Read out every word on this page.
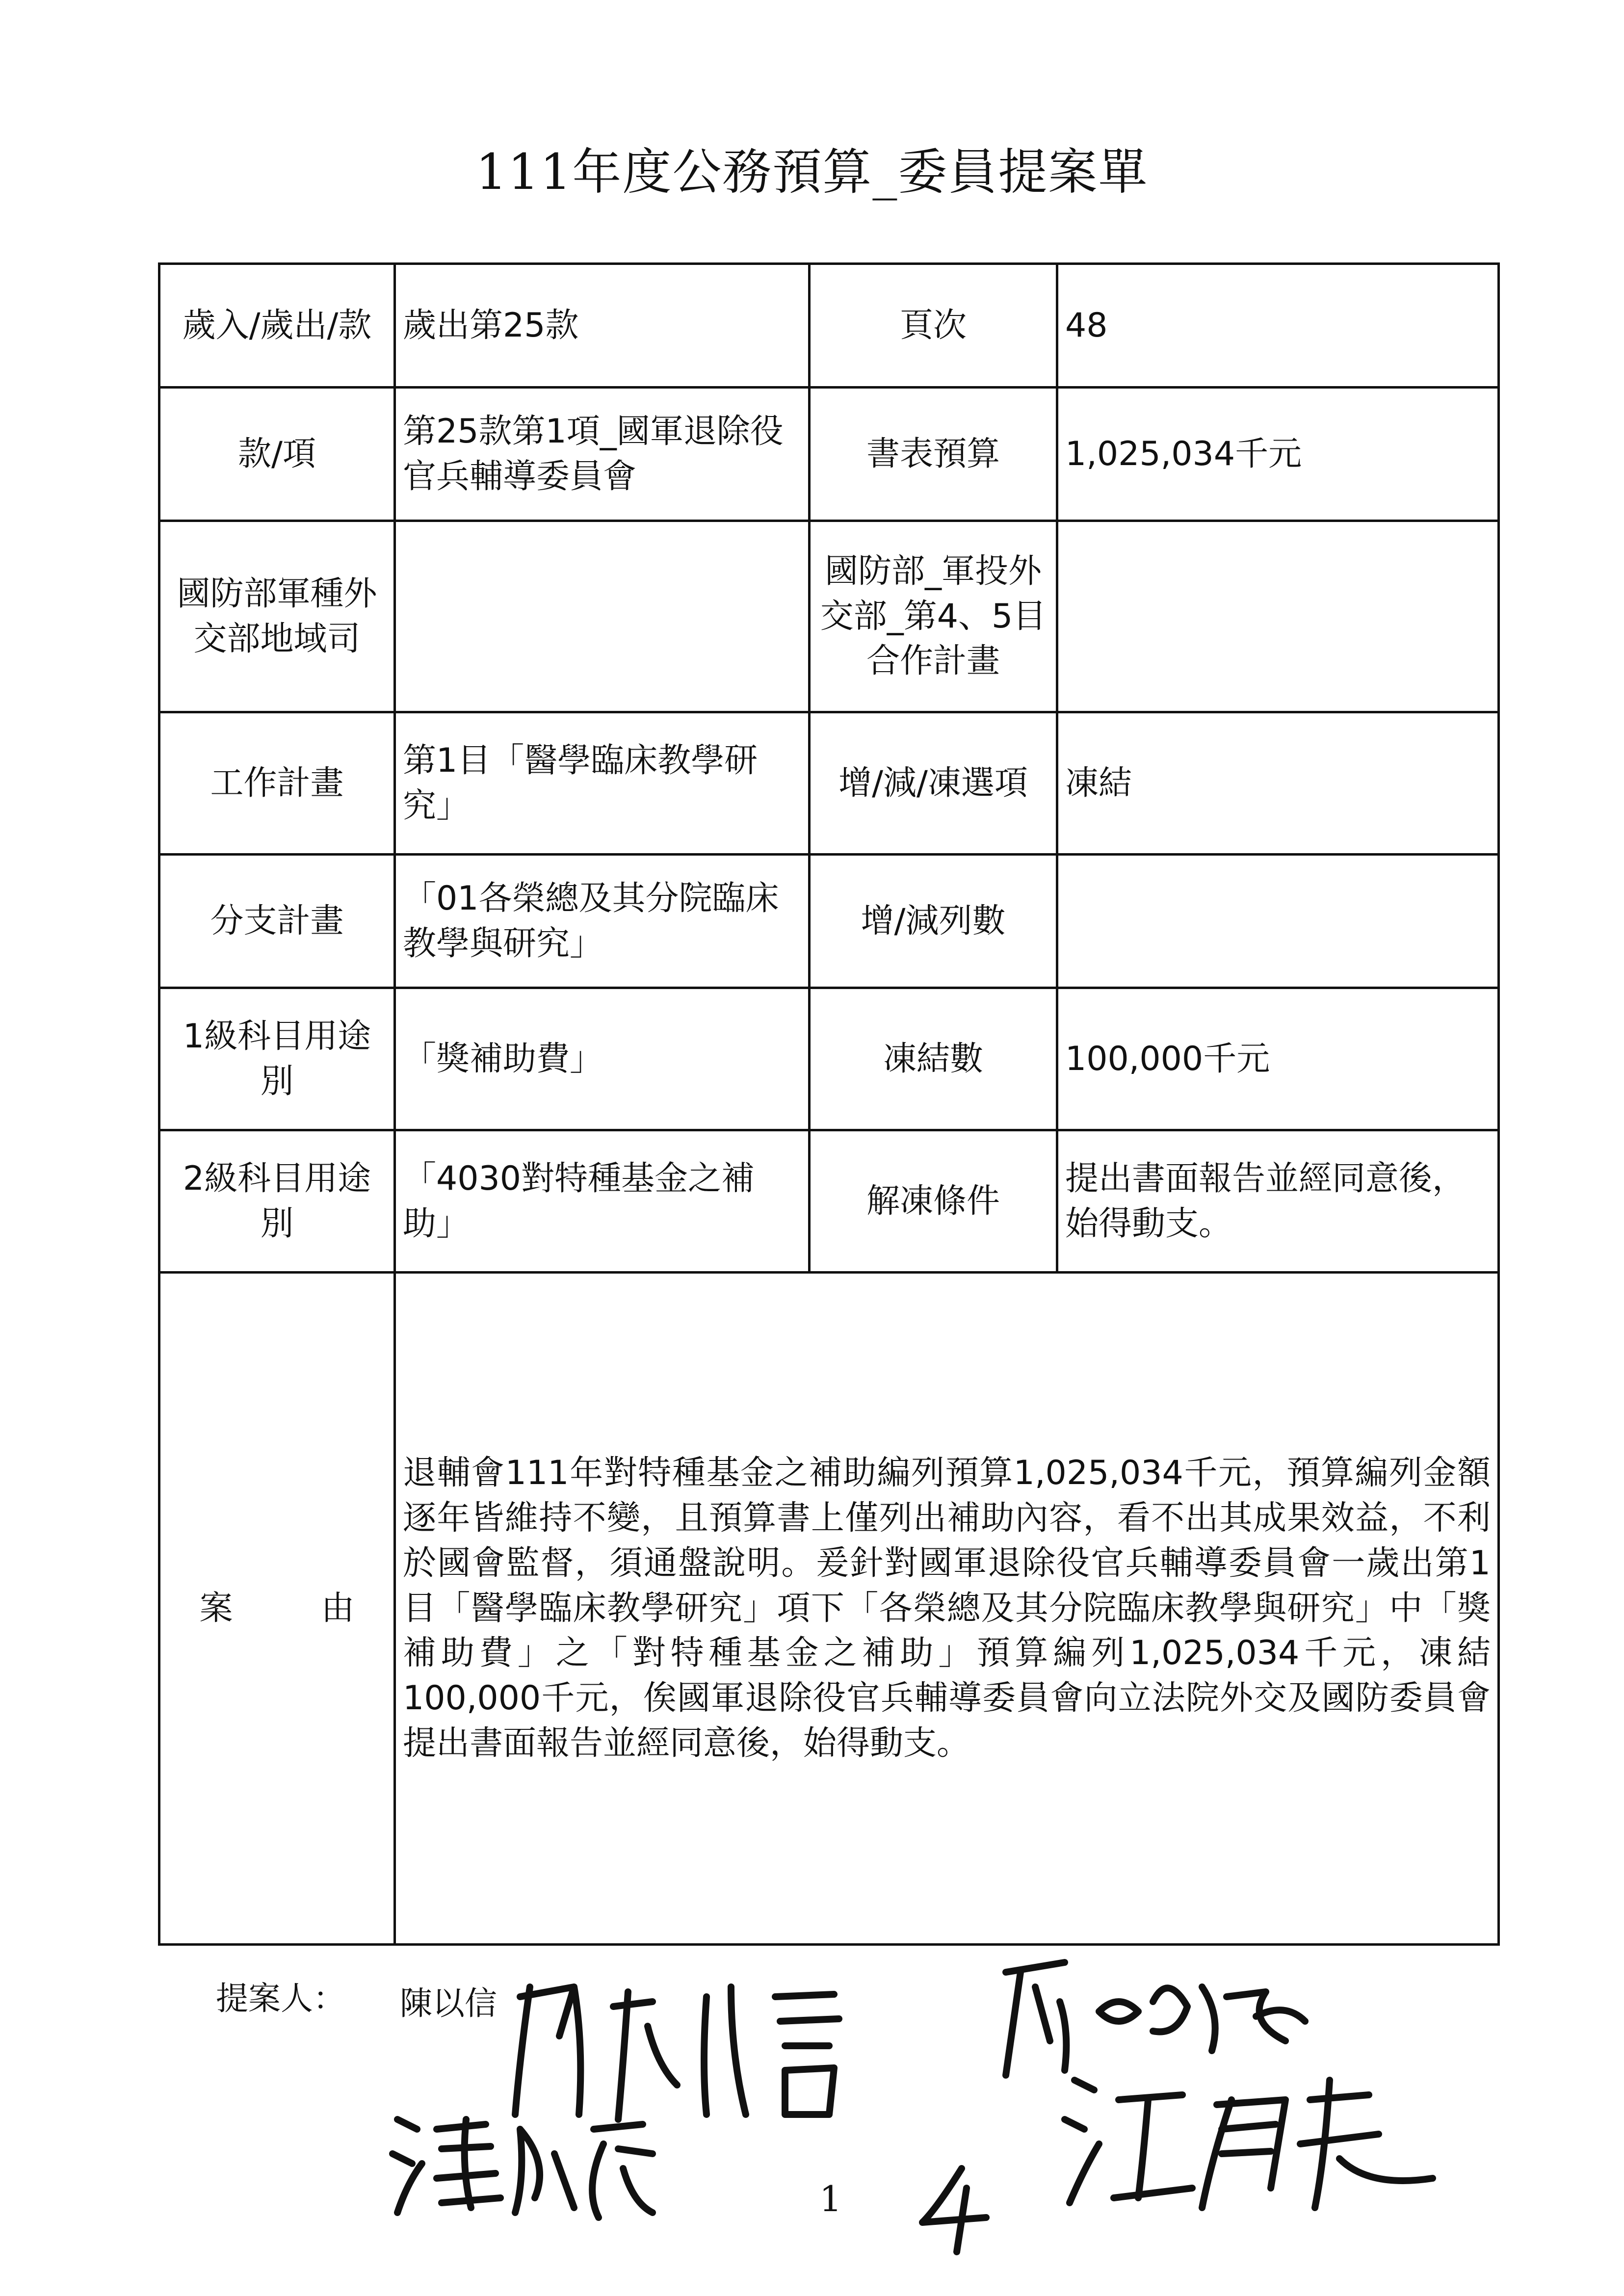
111年度公務預算_委員提案單
歲入/歲出/款	歲出第25款	頁次	48
款/項	第25款第1項_國軍退除役官兵輔導委員會	書表預算	1,025,034千元
國防部軍種外交部地域司		國防部_軍投外交部_第4、5目合作計畫	
工作計畫	第1目「醫學臨床教學研究」	增/減/凍選項	凍結
分支計畫	「01各榮總及其分院臨床教學與研究」	增/減列數	
1級科目用途別	「獎補助費」	凍結數	100,000千元
2級科目用途別	「4030對特種基金之補助」	解凍條件	提出書面報告並經同意後，始得動支。
案 由	退輔會111年對特種基金之補助編列預算1,025,034千元，預算編列金額逐年皆維持不變，且預算書上僅列出補助內容，看不出其成果效益，不利於國會監督，須通盤說明。爰針對國軍退除役官兵輔導委員會一歲出第1目「醫學臨床教學研究」項下「各榮總及其分院臨床教學與研究」中「獎補助費」之「對特種基金之補助」預算編列1,025,034千元，凍結100,000千元，俟國軍退除役官兵輔導委員會向立法院外交及國防委員會提出書面報告並經同意後，始得動支。		
提案人： 陳以信
1
